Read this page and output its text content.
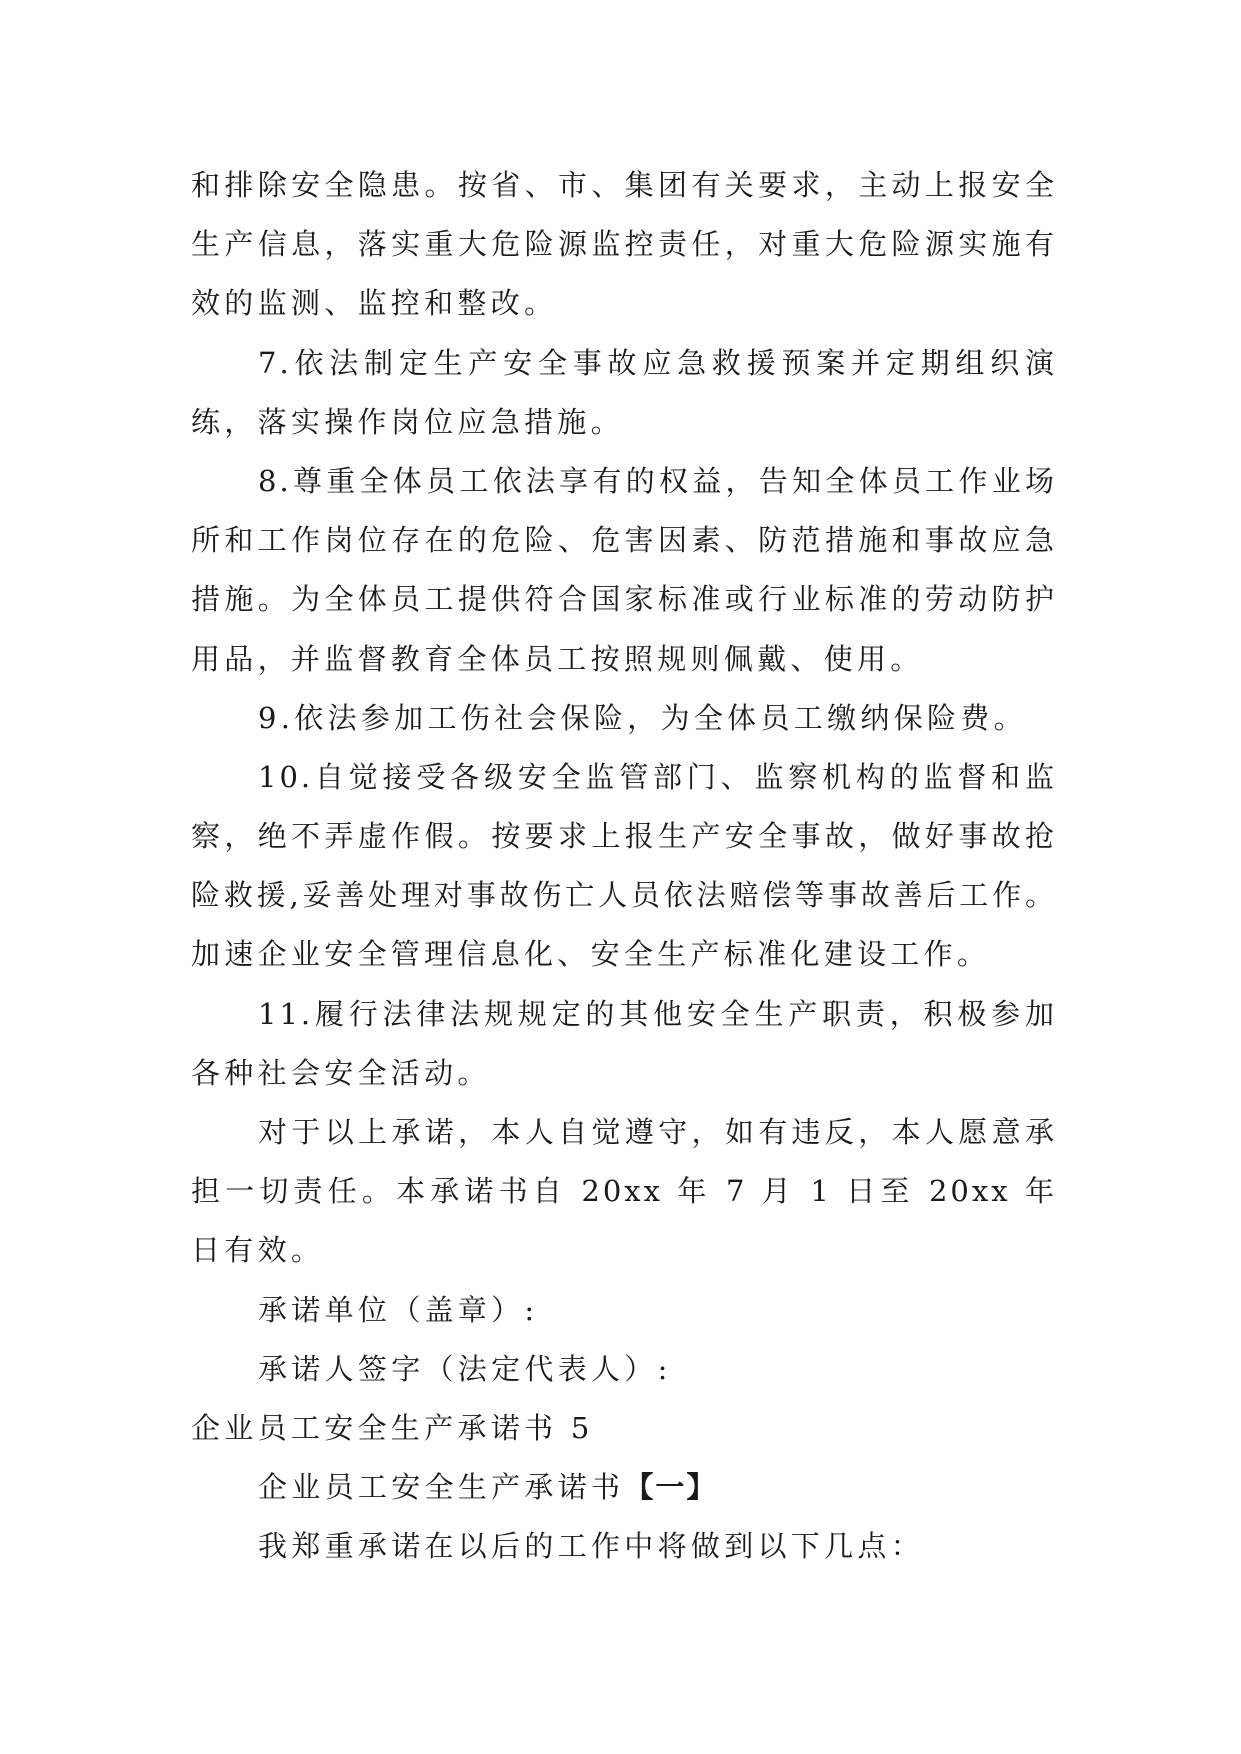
和排除安全隐患。按省、市、集团有关要求，主动上报安全
生产信息，落实重大危险源监控责任，对重大危险源实施有
效的监测、监控和整改。
7.依法制定生产安全事故应急救援预案并定期组织演
练，落实操作岗位应急措施。
8.尊重全体员工依法享有的权益，告知全体员工作业场
所和工作岗位存在的危险、危害因素、防范措施和事故应急
措施。为全体员工提供符合国家标准或行业标准的劳动防护
用品，并监督教育全体员工按照规则佩戴、使用。
9.依法参加工伤社会保险，为全体员工缴纳保险费。
10.自觉接受各级安全监管部门、监察机构的监督和监
察，绝不弄虚作假。按要求上报生产安全事故，做好事故抢
险救援,妥善处理对事故伤亡人员依法赔偿等事故善后工作。
加速企业安全管理信息化、安全生产标准化建设工作。
11.履行法律法规规定的其他安全生产职责，积极参加
各种社会安全活动。
对于以上承诺，本人自觉遵守，如有违反，本人愿意承
担一切责任。本承诺书自 20xx 年 7 月 1 日至 20xx 年
日有效。
承诺单位（盖章）:
承诺人签字（法定代表人）:
企业员工安全生产承诺书 5
企业员工安全生产承诺书【一】
我郑重承诺在以后的工作中将做到以下几点：
